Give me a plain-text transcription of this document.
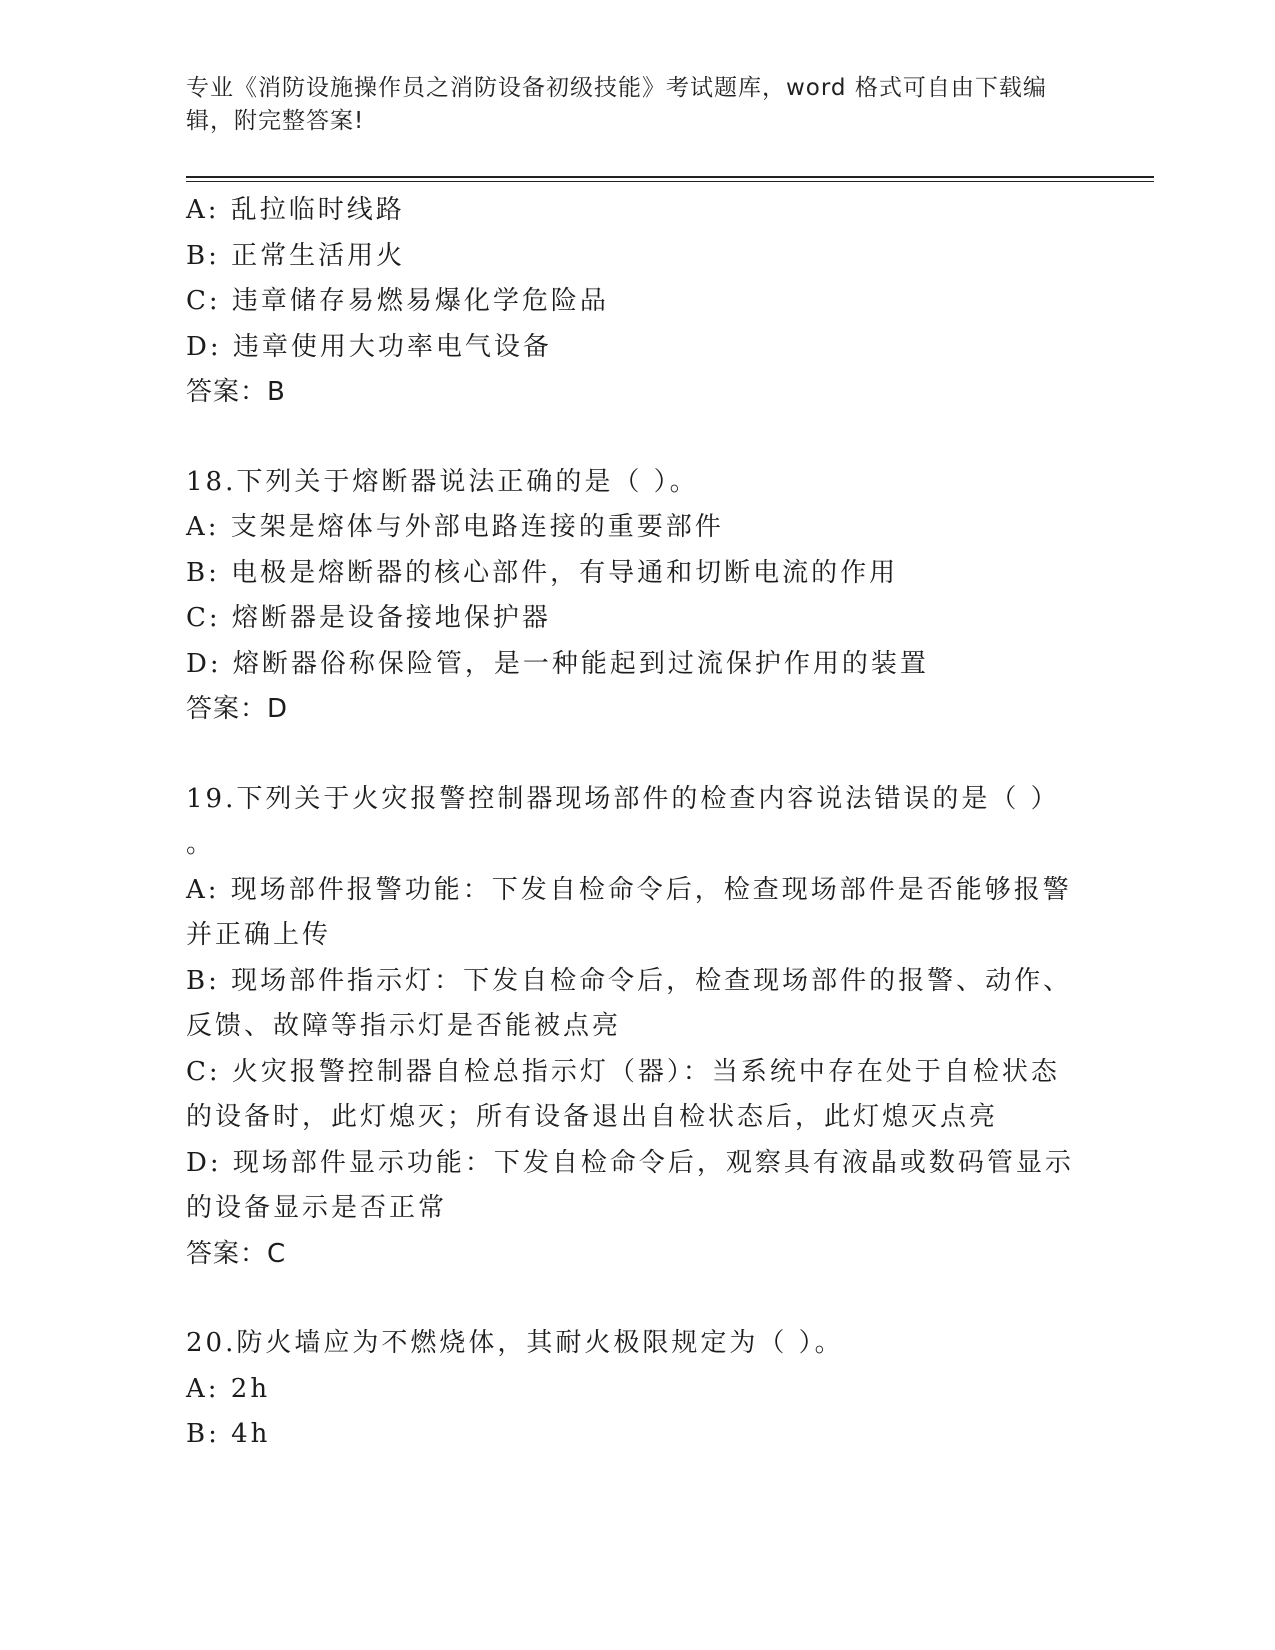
专业《消防设施操作员之消防设备初级技能》考试题库，word 格式可自由下载编
辑，附完整答案!
A: 乱拉临时线路
B: 正常生活用火
C: 违章储存易燃易爆化学危险品
D: 违章使用大功率电气设备
答案：B
18.下列关于熔断器说法正确的是（ ）。
A: 支架是熔体与外部电路连接的重要部件
B: 电极是熔断器的核心部件，有导通和切断电流的作用
C: 熔断器是设备接地保护器
D: 熔断器俗称保险管，是一种能起到过流保护作用的装置
答案：D
19.下列关于火灾报警控制器现场部件的检查内容说法错误的是（ ）
。
A: 现场部件报警功能：下发自检命令后，检查现场部件是否能够报警
并正确上传
B: 现场部件指示灯：下发自检命令后，检查现场部件的报警、动作、
反馈、故障等指示灯是否能被点亮
C: 火灾报警控制器自检总指示灯（器）：当系统中存在处于自检状态
的设备时，此灯熄灭；所有设备退出自检状态后，此灯熄灭点亮
D: 现场部件显示功能：下发自检命令后，观察具有液晶或数码管显示
的设备显示是否正常
答案：C
20.防火墙应为不燃烧体，其耐火极限规定为（ ）。
A: 2h
B: 4h
